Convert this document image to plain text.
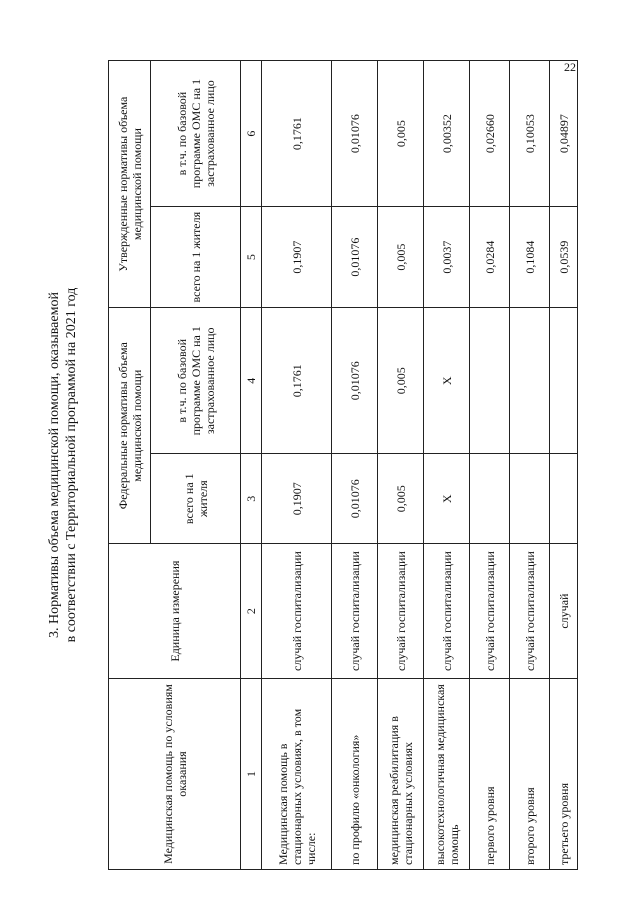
22
3. Нормативы объема медицинской помощи, оказываемой в соответствии с Территориальной программой на 2021 год
Медицинская помощь по условиям оказания	Единица измерения	Федеральные нормативы объема медицинской помощи		Утвержденные нормативы объема медицинской помощи	
		всего на 1 жителя	в т.ч. по базовой программе ОМС на 1 застрахованное лицо	всего на 1 жителя	в т.ч. по базовой программе ОМС на 1 застрахованное лицо
1	2	3	4	5	6
Медицинская помощь в стационарных условиях, в том числе:	случай госпитализации	0,1907	0,1761	0,1907	0,1761
по профилю «онкология»	случай госпитализации	0,01076	0,01076	0,01076	0,01076
медицинская реабилитация в стационарных условиях	случай госпитализации	0,005	0,005	0,005	0,005
высокотехнологичная медицинская помощь	случай госпитализации	Х	Х	0,0037	0,00352
первого уровня	случай госпитализации			0,0284	0,02660
второго уровня	случай госпитализации			0,1084	0,10053
третьего уровня	случай			0,0539	0,04897
